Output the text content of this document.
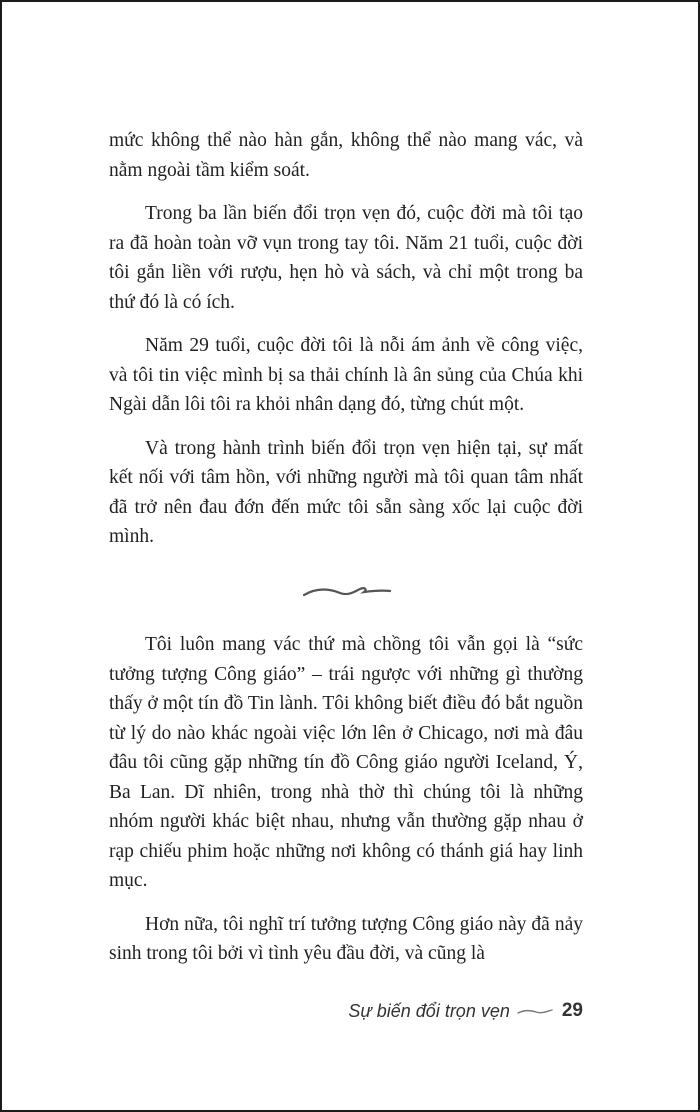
mức không thể nào hàn gắn, không thể nào mang vác, và nằm ngoài tầm kiểm soát.

Trong ba lần biến đổi trọn vẹn đó, cuộc đời mà tôi tạo ra đã hoàn toàn vỡ vụn trong tay tôi. Năm 21 tuổi, cuộc đời tôi gắn liền với rượu, hẹn hò và sách, và chỉ một trong ba thứ đó là có ích.

Năm 29 tuổi, cuộc đời tôi là nỗi ám ảnh về công việc, và tôi tin việc mình bị sa thải chính là ân sủng của Chúa khi Ngài dẫn lôi tôi ra khỏi nhân dạng đó, từng chút một.

Và trong hành trình biến đổi trọn vẹn hiện tại, sự mất kết nối với tâm hồn, với những người mà tôi quan tâm nhất đã trở nên đau đớn đến mức tôi sẵn sàng xốc lại cuộc đời mình.

Tôi luôn mang vác thứ mà chồng tôi vẫn gọi là “sức tưởng tượng Công giáo” – trái ngược với những gì thường thấy ở một tín đồ Tin lành. Tôi không biết điều đó bắt nguồn từ lý do nào khác ngoài việc lớn lên ở Chicago, nơi mà đâu đâu tôi cũng gặp những tín đồ Công giáo người Iceland, Ý, Ba Lan. Dĩ nhiên, trong nhà thờ thì chúng tôi là những nhóm người khác biệt nhau, nhưng vẫn thường gặp nhau ở rạp chiếu phim hoặc những nơi không có thánh giá hay linh mục.

Hơn nữa, tôi nghĩ trí tưởng tượng Công giáo này đã nảy sinh trong tôi bởi vì tình yêu đầu đời, và cũng là

Sự biến đổi trọn vẹn	29
